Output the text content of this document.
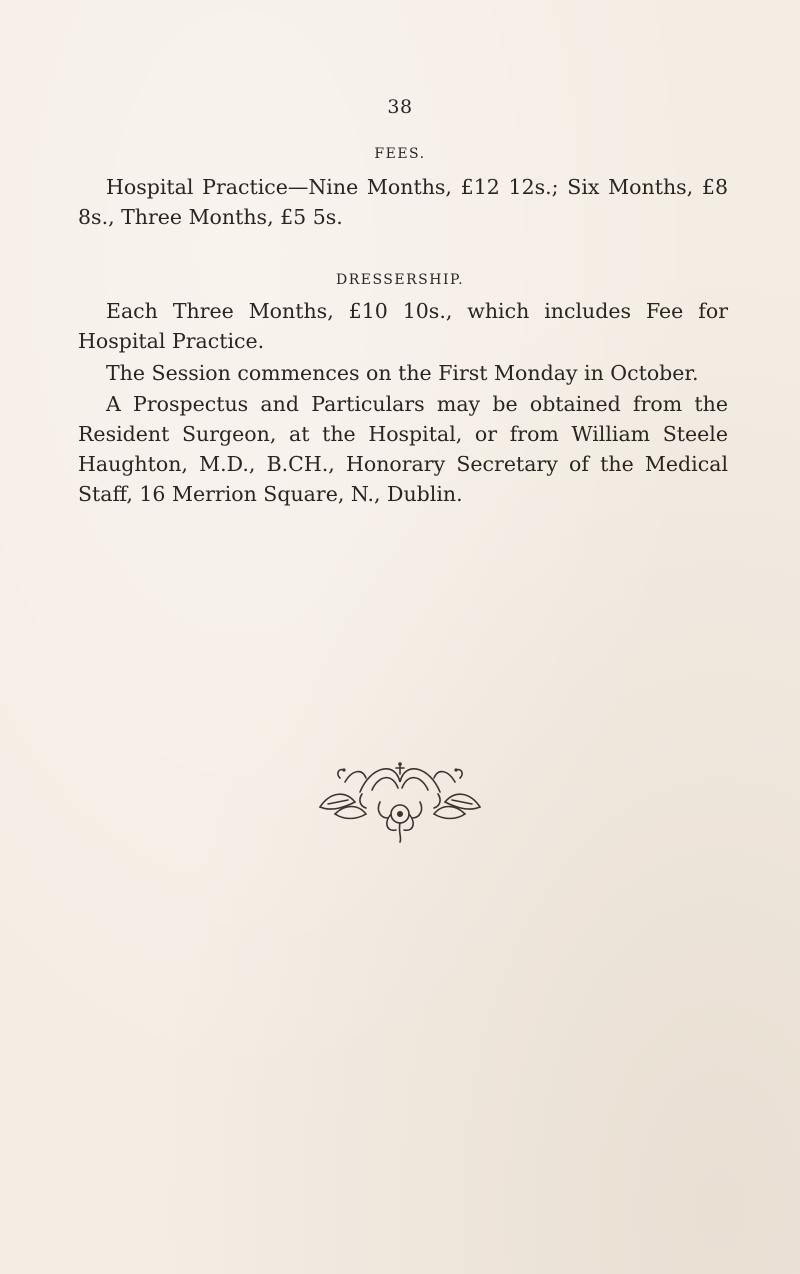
38
FEES.
Hospital Practice—Nine Months, £12 12s.; Six Months, £8 8s., Three Months, £5 5s.
DRESSERSHIP.
Each Three Months, £10 10s., which includes Fee for Hospital Practice.
The Session commences on the First Monday in October.
A Prospectus and Particulars may be obtained from the Resident Surgeon, at the Hospital, or from William Steele Haughton, M.D., B.CH., Honorary Secretary of the Medical Staff, 16 Merrion Square, N., Dublin.
